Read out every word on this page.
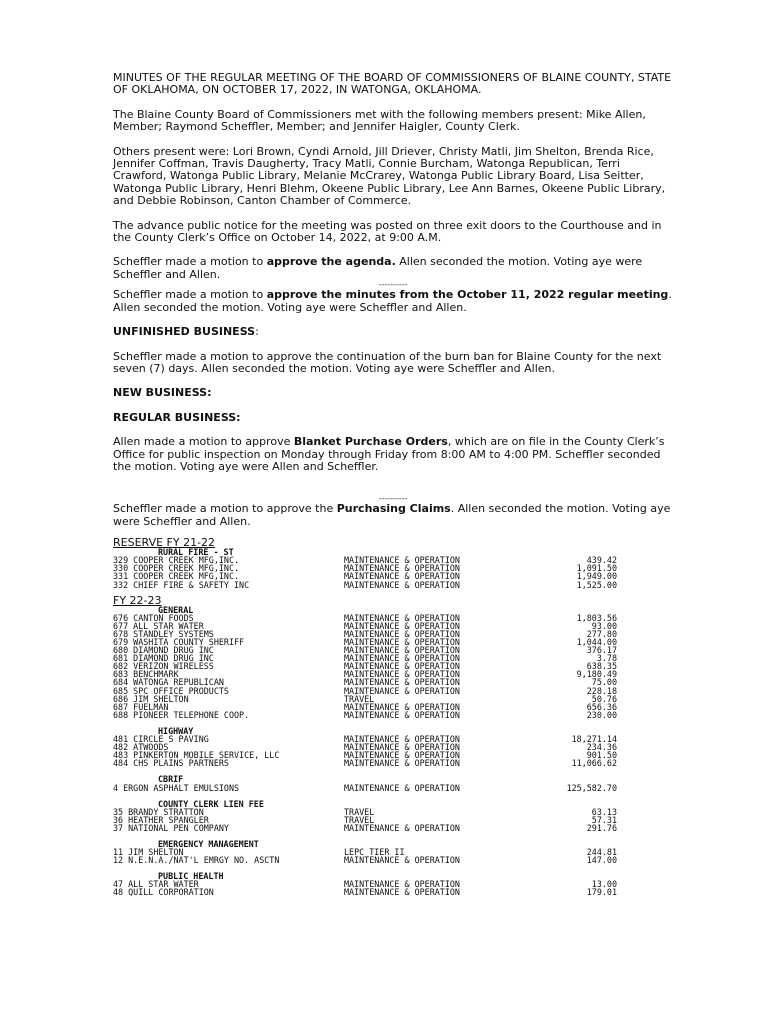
MINUTES OF THE REGULAR MEETING OF THE BOARD OF COMMISSIONERS OF BLAINE COUNTY, STATE OF OKLAHOMA, ON OCTOBER 17, 2022, IN WATONGA, OKLAHOMA.

The Blaine County Board of Commissioners met with the following members present: Mike Allen, Member; Raymond Scheffler, Member; and Jennifer Haigler, County Clerk.

Others present were: Lori Brown, Cyndi Arnold, Jill Driever, Christy Matli, Jim Shelton, Brenda Rice, Jennifer Coffman, Travis Daugherty, Tracy Matli, Connie Burcham, Watonga Republican, Terri Crawford, Watonga Public Library, Melanie McCrarey, Watonga Public Library Board, Lisa Seitter, Watonga Public Library, Henri Blehm, Okeene Public Library, Lee Ann Barnes, Okeene Public Library, and Debbie Robinson, Canton Chamber of Commerce.

The advance public notice for the meeting was posted on three exit doors to the Courthouse and in the County Clerk’s Office on October 14, 2022, at 9:00 A.M.

Scheffler made a motion to approve the agenda. Allen seconded the motion. Voting aye were Scheffler and Allen.

----------

Scheffler made a motion to approve the minutes from the October 11, 2022 regular meeting. Allen seconded the motion. Voting aye were Scheffler and Allen.

UNFINISHED BUSINESS:

Scheffler made a motion to approve the continuation of the burn ban for Blaine County for the next seven (7) days. Allen seconded the motion. Voting aye were Scheffler and Allen.

NEW BUSINESS:

REGULAR BUSINESS:

Allen made a motion to approve Blanket Purchase Orders, which are on file in the County Clerk’s Office for public inspection on Monday through Friday from 8:00 AM to 4:00 PM. Scheffler seconded the motion. Voting aye were Allen and Scheffler.

----------

Scheffler made a motion to approve the Purchasing Claims. Allen seconded the motion. Voting aye were Scheffler and Allen.

RESERVE FY 21-22

RURAL FIRE - ST
329 COOPER CREEK MFG,INC.	MAINTENANCE & OPERATION	439.42
330 COOPER CREEK MFG,INC.	MAINTENANCE & OPERATION	1,091.50
331 COOPER CREEK MFG,INC.	MAINTENANCE & OPERATION	1,949.00
332 CHIEF FIRE & SAFETY INC	MAINTENANCE & OPERATION	1,525.00

FY 22-23

GENERAL
676 CANTON FOODS	MAINTENANCE & OPERATION	1,803.56
677 ALL STAR WATER	MAINTENANCE & OPERATION	93.00
678 STANDLEY SYSTEMS	MAINTENANCE & OPERATION	277.80
679 WASHITA COUNTY SHERIFF	MAINTENANCE & OPERATION	1,044.00
680 DIAMOND DRUG INC	MAINTENANCE & OPERATION	376.17
681 DIAMOND DRUG INC	MAINTENANCE & OPERATION	3.78
682 VERIZON WIRELESS	MAINTENANCE & OPERATION	638.35
683 BENCHMARK	MAINTENANCE & OPERATION	9,180.49
684 WATONGA REPUBLICAN	MAINTENANCE & OPERATION	75.00
685 SPC OFFICE PRODUCTS	MAINTENANCE & OPERATION	228.18
686 JIM SHELTON	TRAVEL	50.76
687 FUELMAN	MAINTENANCE & OPERATION	656.36
688 PIONEER TELEPHONE COOP.	MAINTENANCE & OPERATION	230.00
HIGHWAY
481 CIRCLE S PAVING	MAINTENANCE & OPERATION	18,271.14
482 ATWOODS	MAINTENANCE & OPERATION	234.36
483 PINKERTON MOBILE SERVICE, LLC	MAINTENANCE & OPERATION	901.50
484 CHS PLAINS PARTNERS	MAINTENANCE & OPERATION	11,066.62
CBRIF
4 ERGON ASPHALT EMULSIONS	MAINTENANCE & OPERATION	125,582.70
COUNTY CLERK LIEN FEE
35 BRANDY STRATTON	TRAVEL	63.13
36 HEATHER SPANGLER	TRAVEL	57.31
37 NATIONAL PEN COMPANY	MAINTENANCE & OPERATION	291.76
EMERGENCY MANAGEMENT
11 JIM SHELTON	LEPC TIER II	244.81
12 N.E.N.A./NAT'L EMRGY NO. ASCTN	MAINTENANCE & OPERATION	147.00
PUBLIC HEALTH
47 ALL STAR WATER	MAINTENANCE & OPERATION	13.00
48 QUILL CORPORATION	MAINTENANCE & OPERATION	179.01
